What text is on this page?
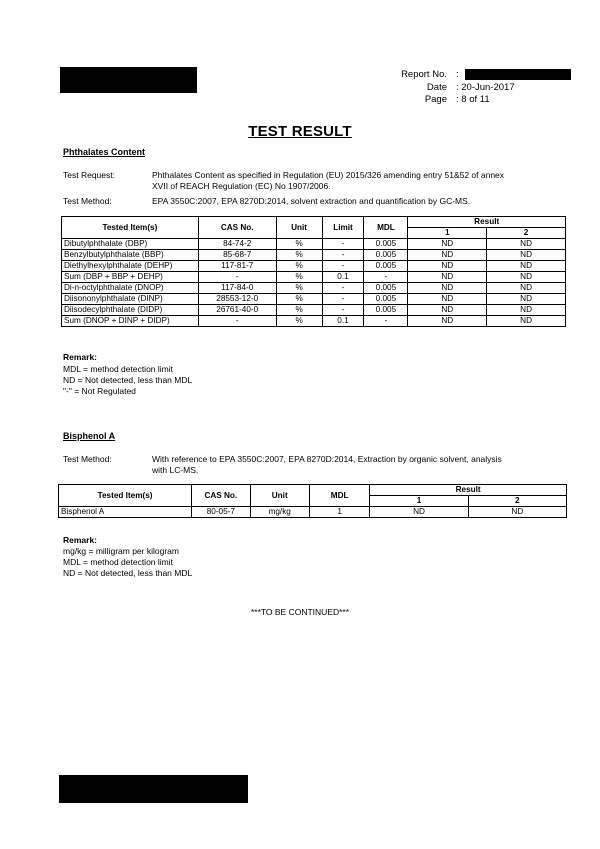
Report No. :
Date : 20-Jun-2017
Page : 8 of 11
TEST RESULT
Phthalates Content
Test Request:	Phthalates Content as specified in Regulation (EU) 2015/326 amending entry 51&52 of annex
XVII of REACH Regulation (EC) No 1907/2006.
Test Method:	EPA 3550C:2007, EPA 8270D:2014, solvent extraction and quantification by GC-MS.
Tested Item(s)	CAS No.	Unit	Limit	MDL	Result	
					1	2
Dibutylphthalate (DBP)	84-74-2	%	-	0.005	ND	ND
Benzylbutylphthalate (BBP)	85-68-7	%	-	0.005	ND	ND
Diethylhexylphthalate (DEHP)	117-81-7	%	-	0.005	ND	ND
Sum (DBP + BBP + DEHP)	-	%	0.1	-	ND	ND
Di-n-octylphthalate (DNOP)	117-84-0	%	-	0.005	ND	ND
Diisononylphthalate (DINP)	28553-12-0	%	-	0.005	ND	ND
Diisodecylphthalate (DIDP)	26761-40-0	%	-	0.005	ND	ND
Sum (DNOP + DINP + DIDP)	-	%	0.1	-	ND	ND
Remark:
MDL = method detection limit
ND = Not detected, less than MDL
"-" = Not Regulated
Bisphenol A
Test Method:	With reference to EPA 3550C:2007, EPA 8270D:2014, Extraction by organic solvent, analysis
with LC-MS.
Tested Item(s)	CAS No.	Unit	MDL	Result	
				1	2
Bisphenol A	80-05-7	mg/kg	1	ND	ND
Remark:
mg/kg = milligram per kilogram
MDL = method detection limit
ND = Not detected, less than MDL
***TO BE CONTINUED***
